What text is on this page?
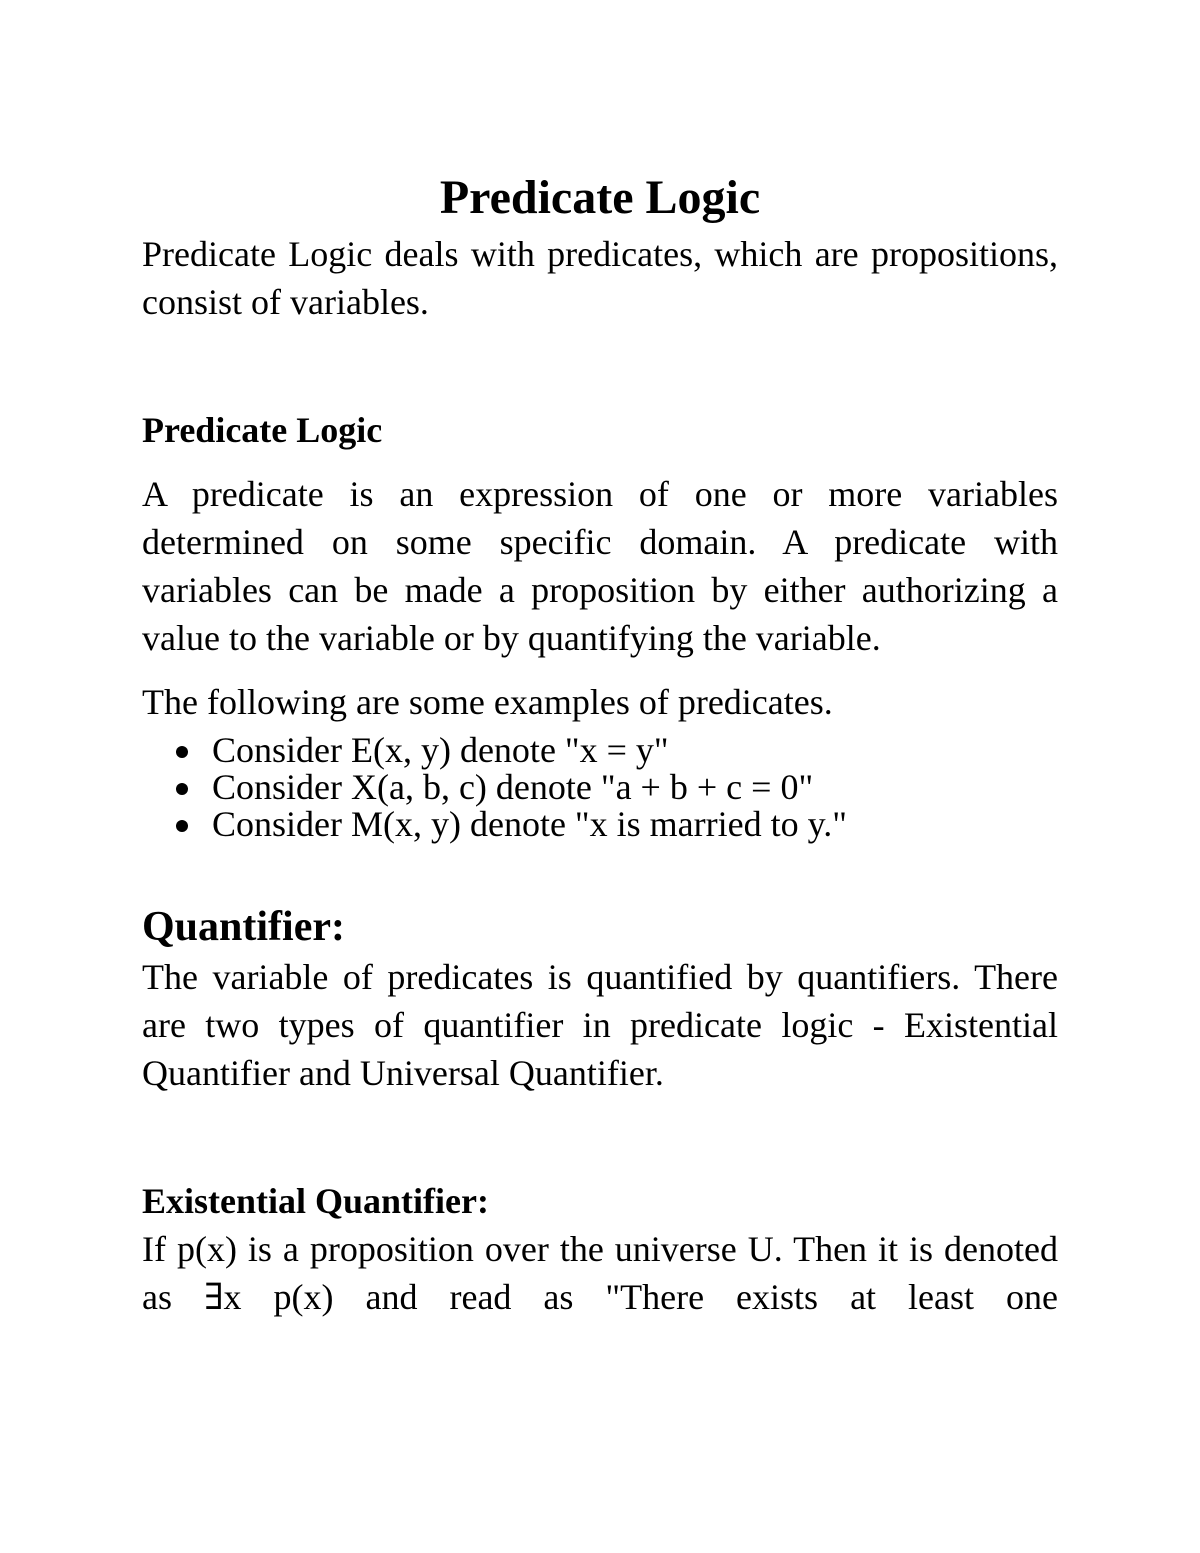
Predicate Logic

Predicate Logic deals with predicates, which are propositions, consist of variables.

Predicate Logic

A predicate is an expression of one or more variables determined on some specific domain. A predicate with variables can be made a proposition by either authorizing a value to the variable or by quantifying the variable.

The following are some examples of predicates.

Consider E(x, y) denote "x = y"
Consider X(a, b, c) denote "a + b + c = 0"
Consider M(x, y) denote "x is married to y."
Quantifier:

The variable of predicates is quantified by quantifiers. There are two types of quantifier in predicate logic - Existential Quantifier and Universal Quantifier.

Existential Quantifier:

If p(x) is a proposition over the universe U. Then it is denoted as ∃x p(x) and read as "There exists at least one
